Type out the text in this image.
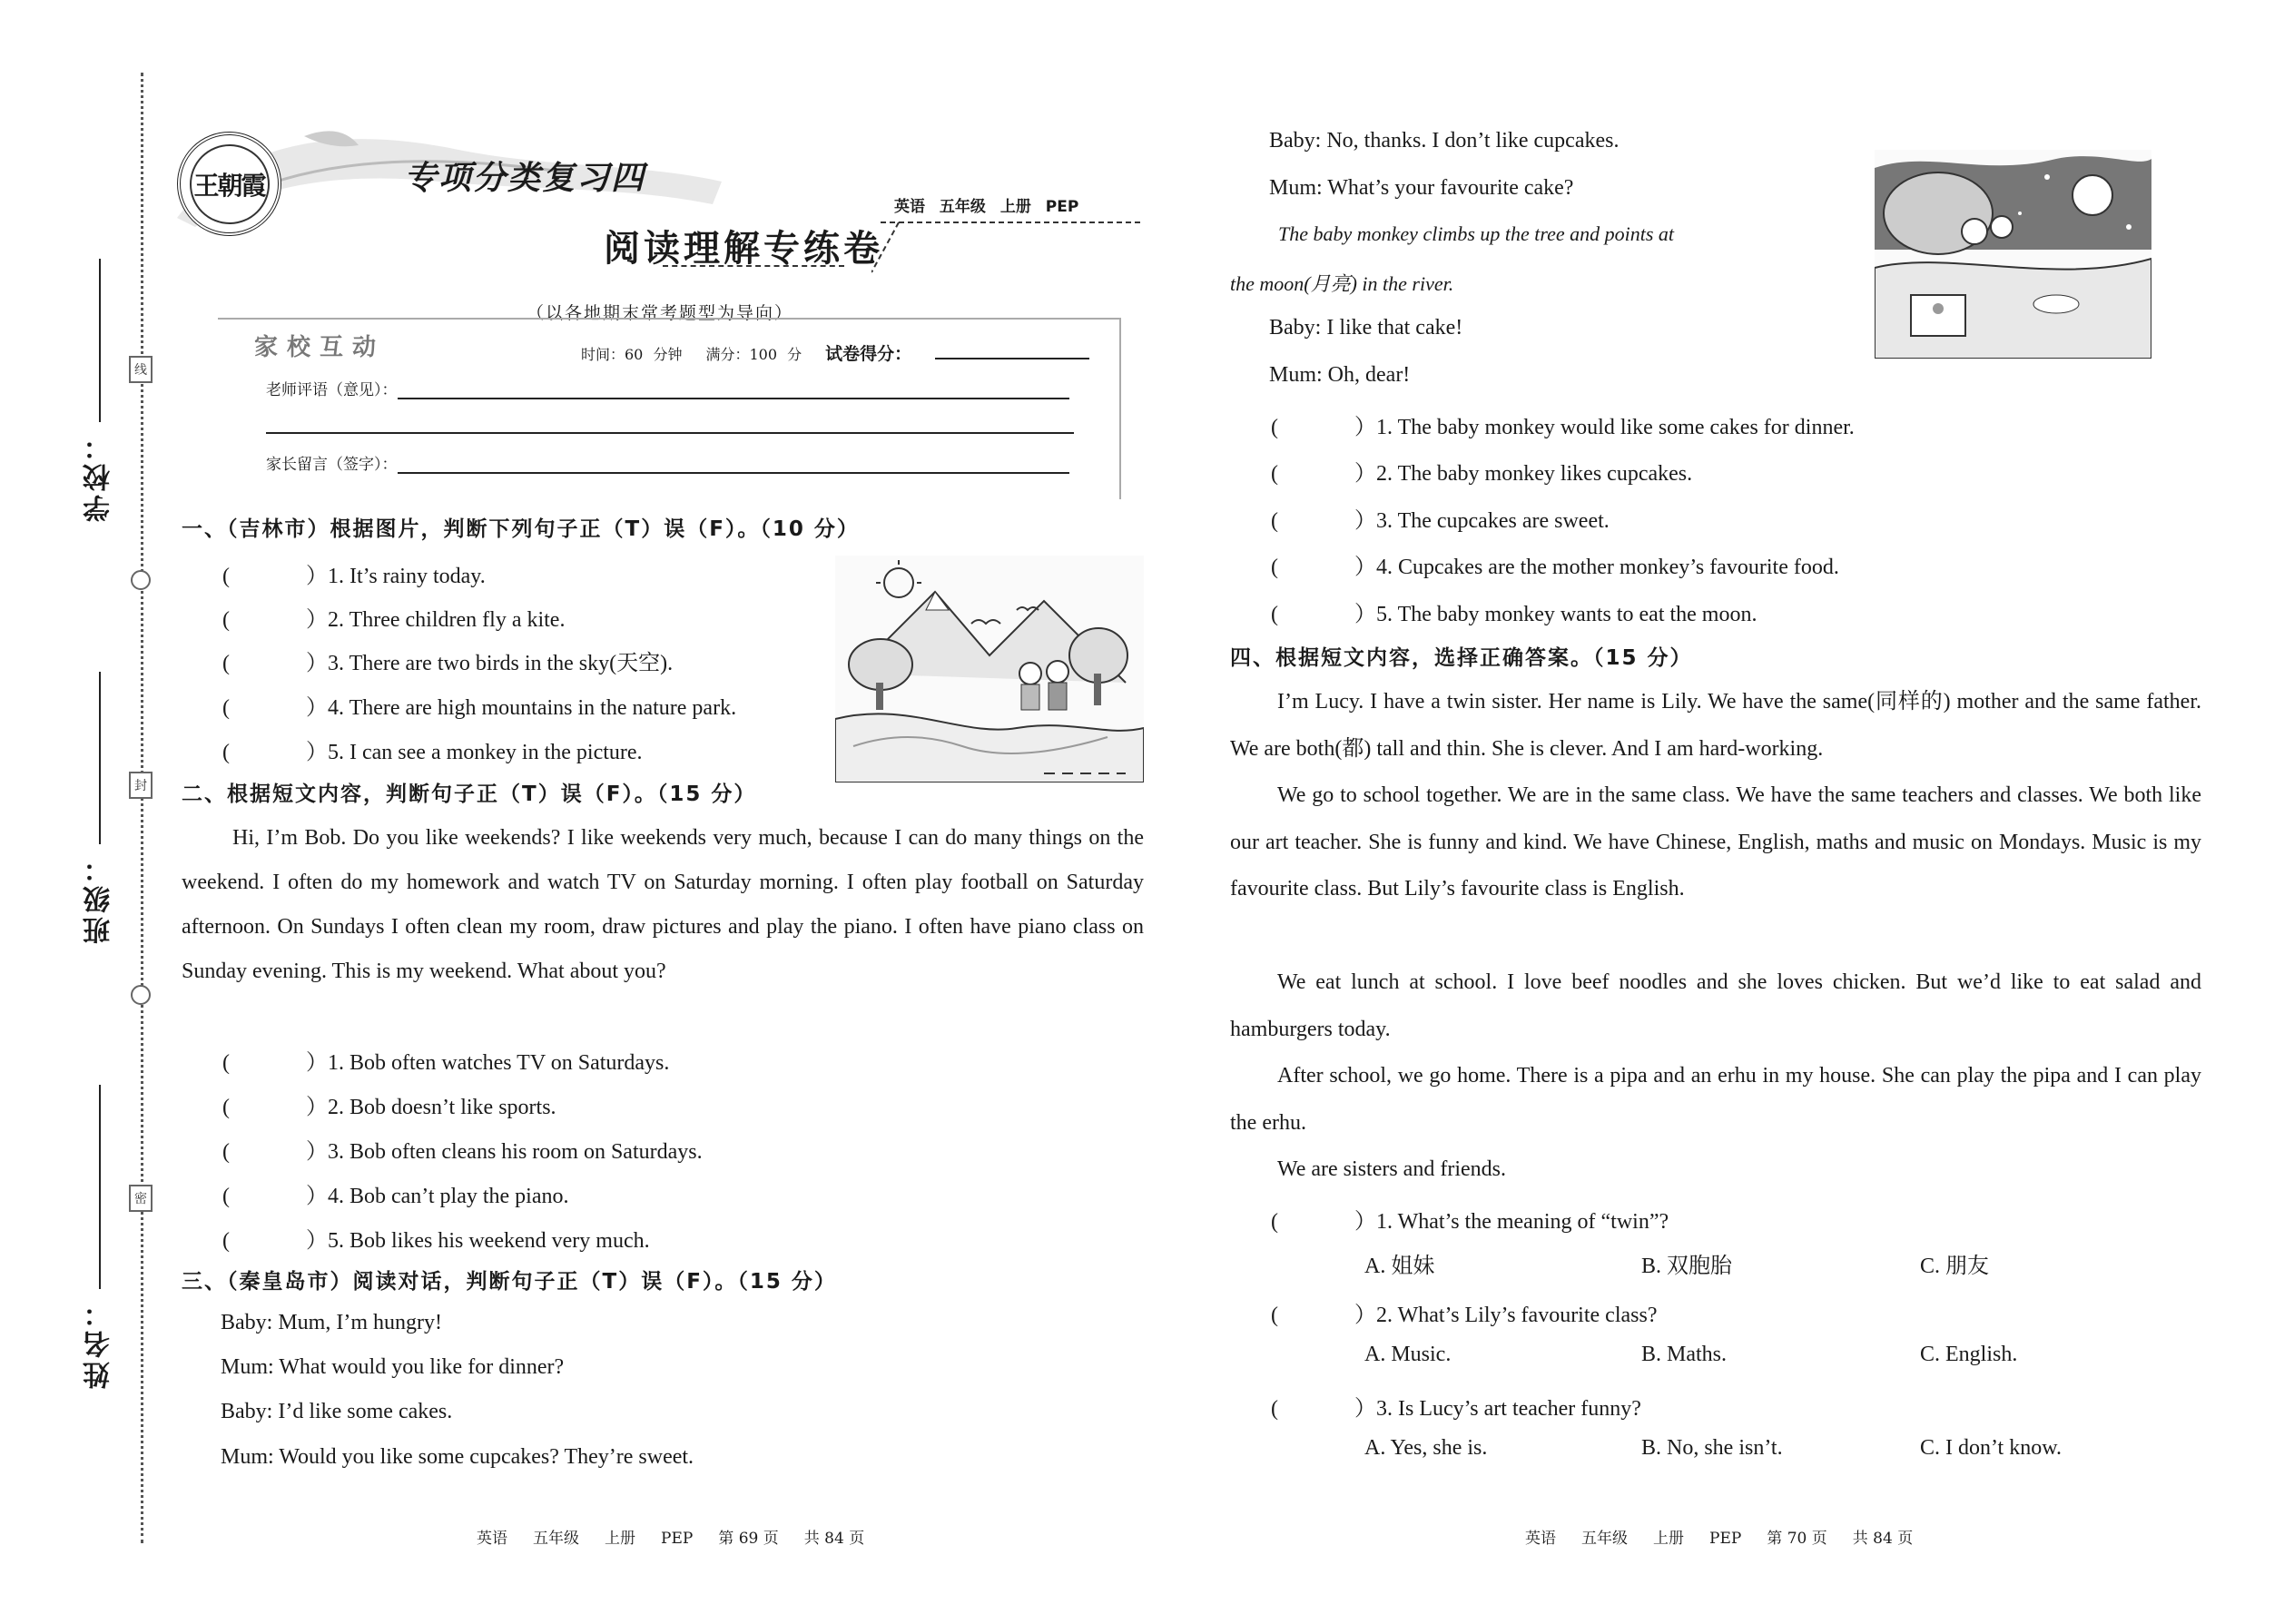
学校：
班级：
姓名：
线
封
密
王朝霞	专项分类复习四
英语 五年级 上册 PEP
阅读理解专练卷
（以各地期末常考题型为导向）
家校互动	时间：60 分钟 满分：100 分 试卷得分：
老师评语（意见）：
家长留言（签字）：
一、（吉林市）根据图片，判断下列句子正（T）误（F）。（10 分）
(	）1. It’s rainy today.
(	）2. Three children fly a kite.
(	）3. There are two birds in the sky(天空).
(	）4. There are high mountains in the nature park.
(	）5. I can see a monkey in the picture.
二、根据短文内容，判断句子正（T）误（F）。（15 分）
Hi, I’m Bob. Do you like weekends? I like weekends very much, because I can do many things on the weekend. I often do my homework and watch TV on Saturday morning. I often play football on Saturday afternoon. On Sundays I often clean my room, draw pictures and play the piano. I often have piano class on Sunday evening. This is my weekend. What about you?
(	）1. Bob often watches TV on Saturdays.
(	）2. Bob doesn’t like sports.
(	）3. Bob often cleans his room on Saturdays.
(	）4. Bob can’t play the piano.
(	）5. Bob likes his weekend very much.
三、（秦皇岛市）阅读对话，判断句子正（T）误（F）。（15 分）
Baby: Mum, I’m hungry!
Mum: What would you like for dinner?
Baby: I’d like some cakes.
Mum: Would you like some cupcakes? They’re sweet.
英语 五年级 上册 PEP 第 69 页 共 84 页
Baby: No, thanks. I don’t like cupcakes.
Mum: What’s your favourite cake?
The baby monkey climbs up the tree and points at
the moon(月亮) in the river.
Baby: I like that cake!
Mum: Oh, dear!
(	）1. The baby monkey would like some cakes for dinner.
(	）2. The baby monkey likes cupcakes.
(	）3. The cupcakes are sweet.
(	）4. Cupcakes are the mother monkey’s favourite food.
(	）5. The baby monkey wants to eat the moon.
四、根据短文内容，选择正确答案。（15 分）
I’m Lucy. I have a twin sister. Her name is Lily. We have the same(同样的) mother and the same father. We are both(都) tall and thin. She is clever. And I am hard-working.
We go to school together. We are in the same class. We have the same teachers and classes. We both like our art teacher. She is funny and kind. We have Chinese, English, maths and music on Mondays. Music is my favourite class. But Lily’s favourite class is English.
We eat lunch at school. I love beef noodles and she loves chicken. But we’d like to eat salad and hamburgers today.
After school, we go home. There is a pipa and an erhu in my house. She can play the pipa and I can play the erhu.
We are sisters and friends.
(	）1. What’s the meaning of “twin”?
A. 姐妹	B. 双胞胎	C. 朋友
(	）2. What’s Lily’s favourite class?
A. Music.	B. Maths.	C. English.
(	）3. Is Lucy’s art teacher funny?
A. Yes, she is.	B. No, she isn’t.	C. I don’t know.
英语 五年级 上册 PEP 第 70 页 共 84 页
